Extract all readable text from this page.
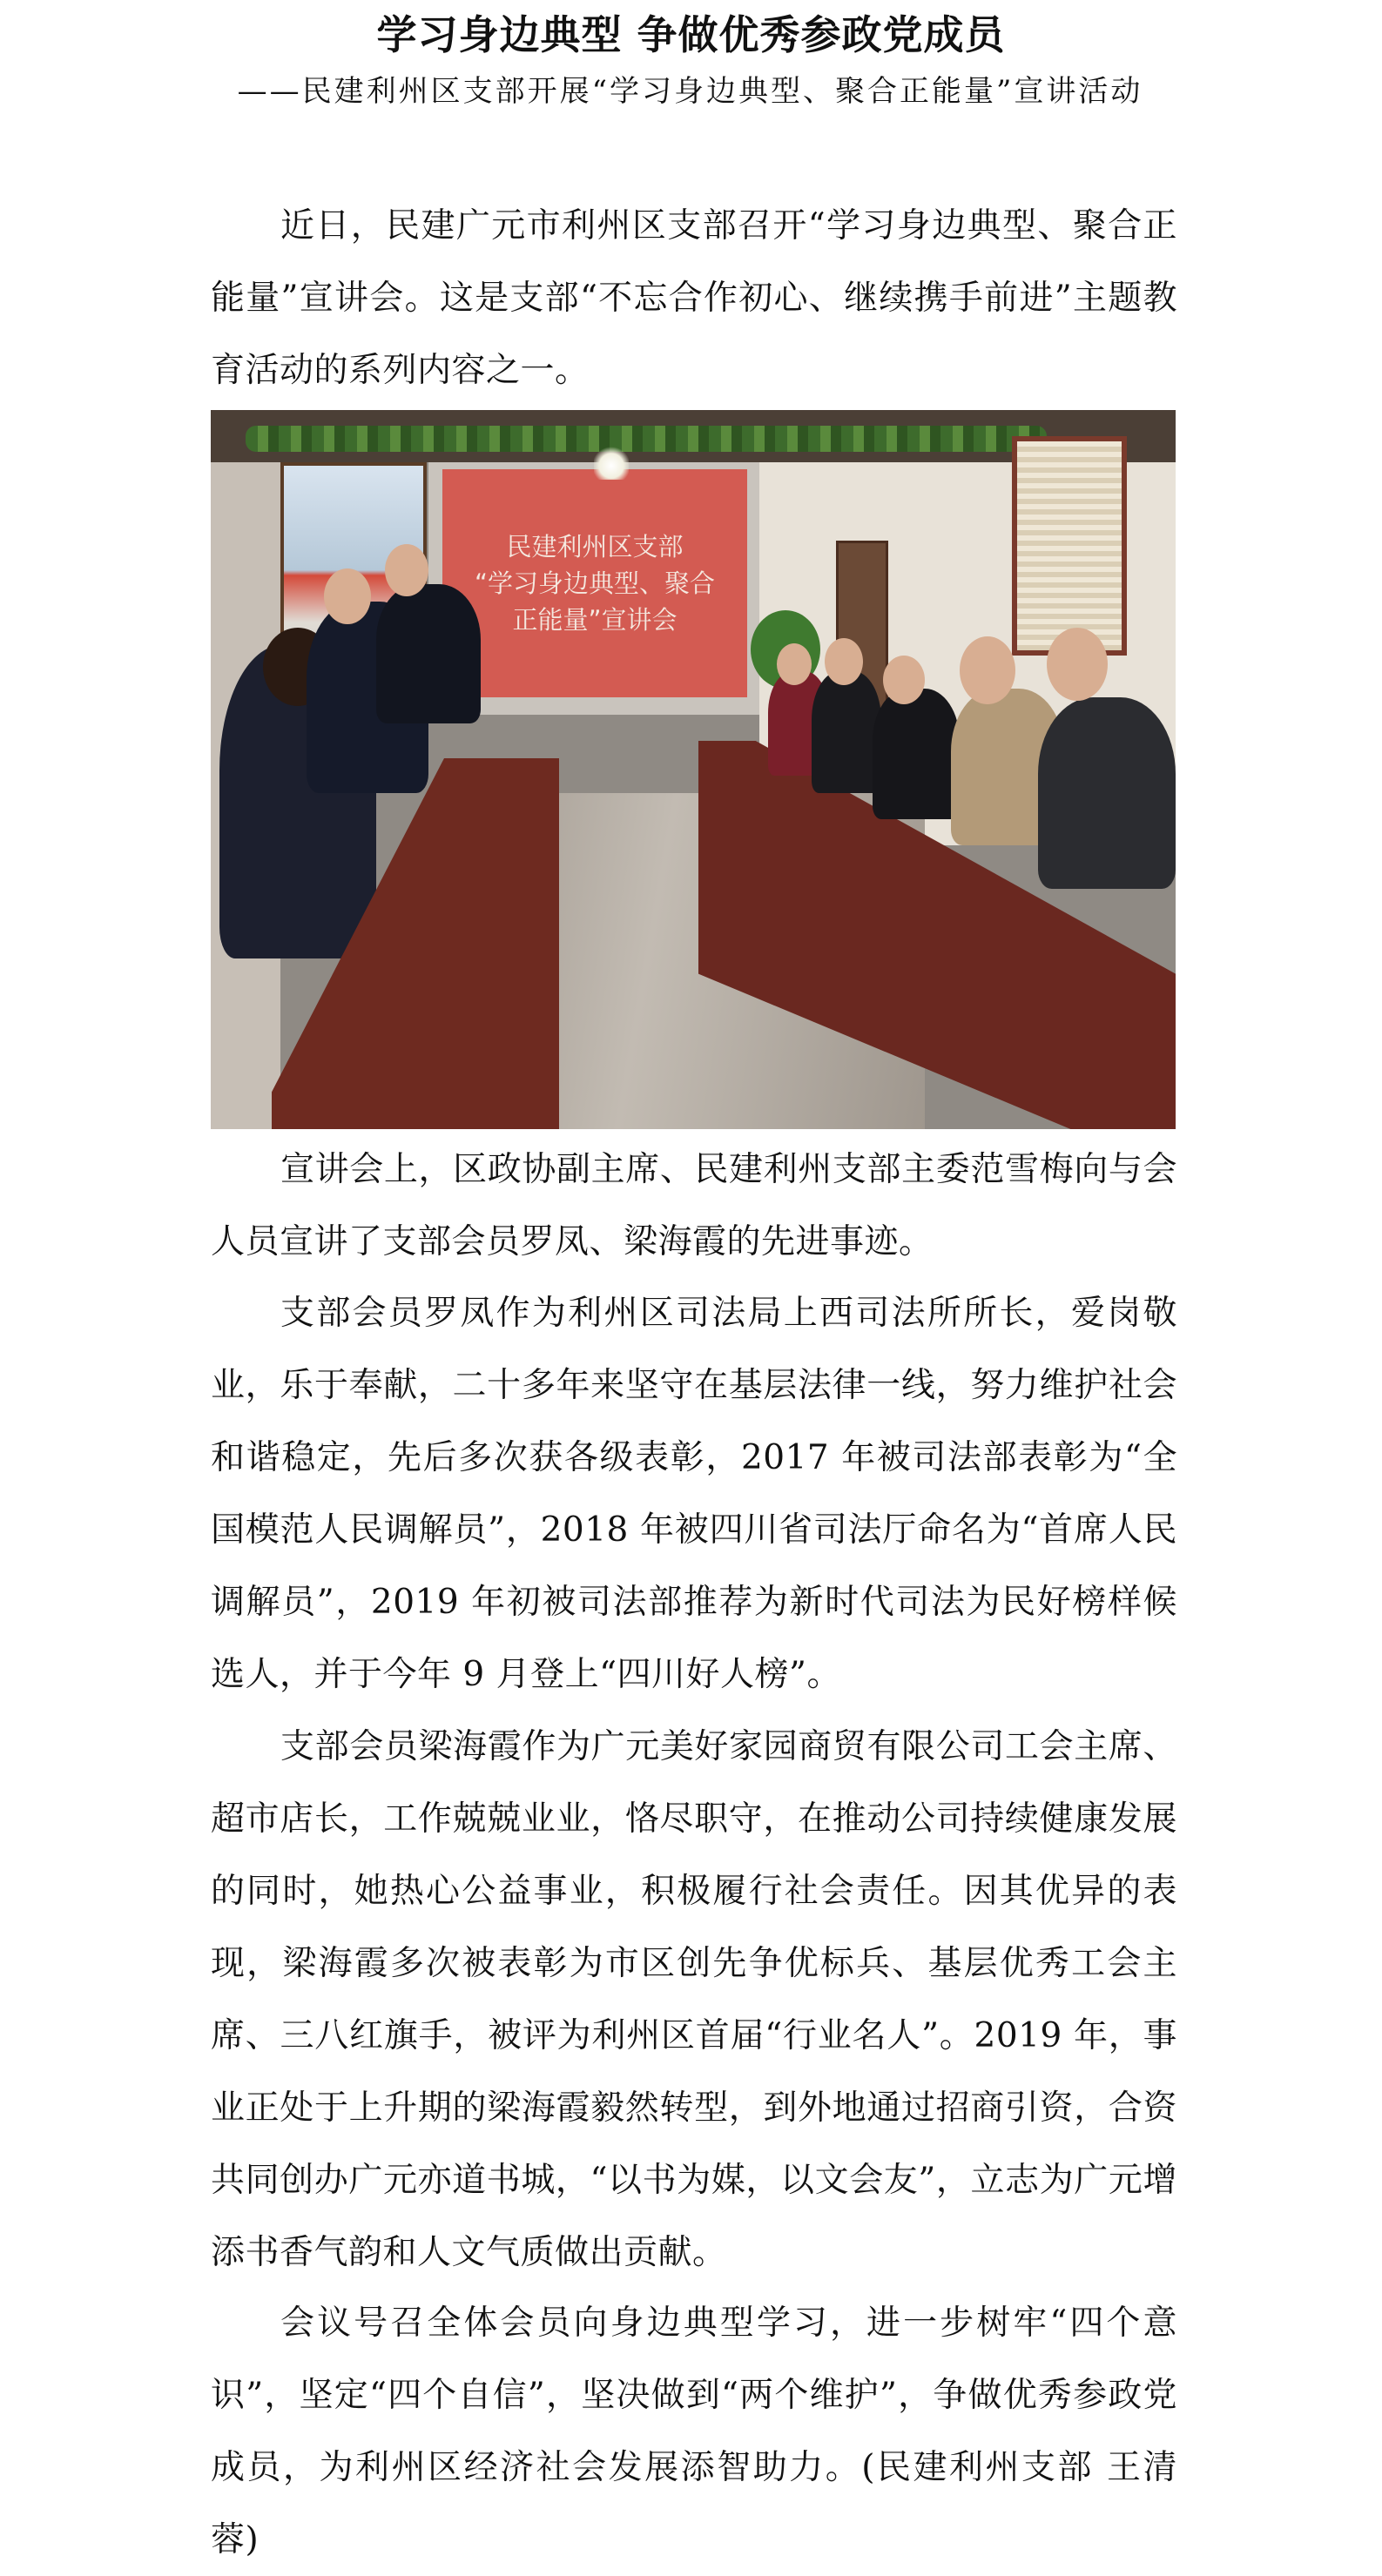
学习身边典型 争做优秀参政党成员
——民建利州区支部开展“学习身边典型、聚合正能量”宣讲活动
近日，民建广元市利州区支部召开“学习身边典型、聚合正能量”宣讲会。这是支部“不忘合作初心、继续携手前进”主题教育活动的系列内容之一。
民建利州区支部
“学习身边典型、聚合
正能量”宣讲会
宣讲会上，区政协副主席、民建利州支部主委范雪梅向与会人员宣讲了支部会员罗凤、梁海霞的先进事迹。
支部会员罗凤作为利州区司法局上西司法所所长，爱岗敬业，乐于奉献，二十多年来坚守在基层法律一线，努力维护社会和谐稳定，先后多次获各级表彰，2017 年被司法部表彰为“全国模范人民调解员”，2018 年被四川省司法厅命名为“首席人民调解员”，2019 年初被司法部推荐为新时代司法为民好榜样候选人，并于今年 9 月登上“四川好人榜”。
支部会员梁海霞作为广元美好家园商贸有限公司工会主席、超市店长，工作兢兢业业，恪尽职守，在推动公司持续健康发展的同时，她热心公益事业，积极履行社会责任。因其优异的表现，梁海霞多次被表彰为市区创先争优标兵、基层优秀工会主席、三八红旗手，被评为利州区首届“行业名人”。2019 年，事业正处于上升期的梁海霞毅然转型，到外地通过招商引资，合资共同创办广元亦道书城，“以书为媒，以文会友”，立志为广元增添书香气韵和人文气质做出贡献。
会议号召全体会员向身边典型学习，进一步树牢“四个意识”，坚定“四个自信”，坚决做到“两个维护”，争做优秀参政党成员，为利州区经济社会发展添智助力。(民建利州支部 王清蓉)
